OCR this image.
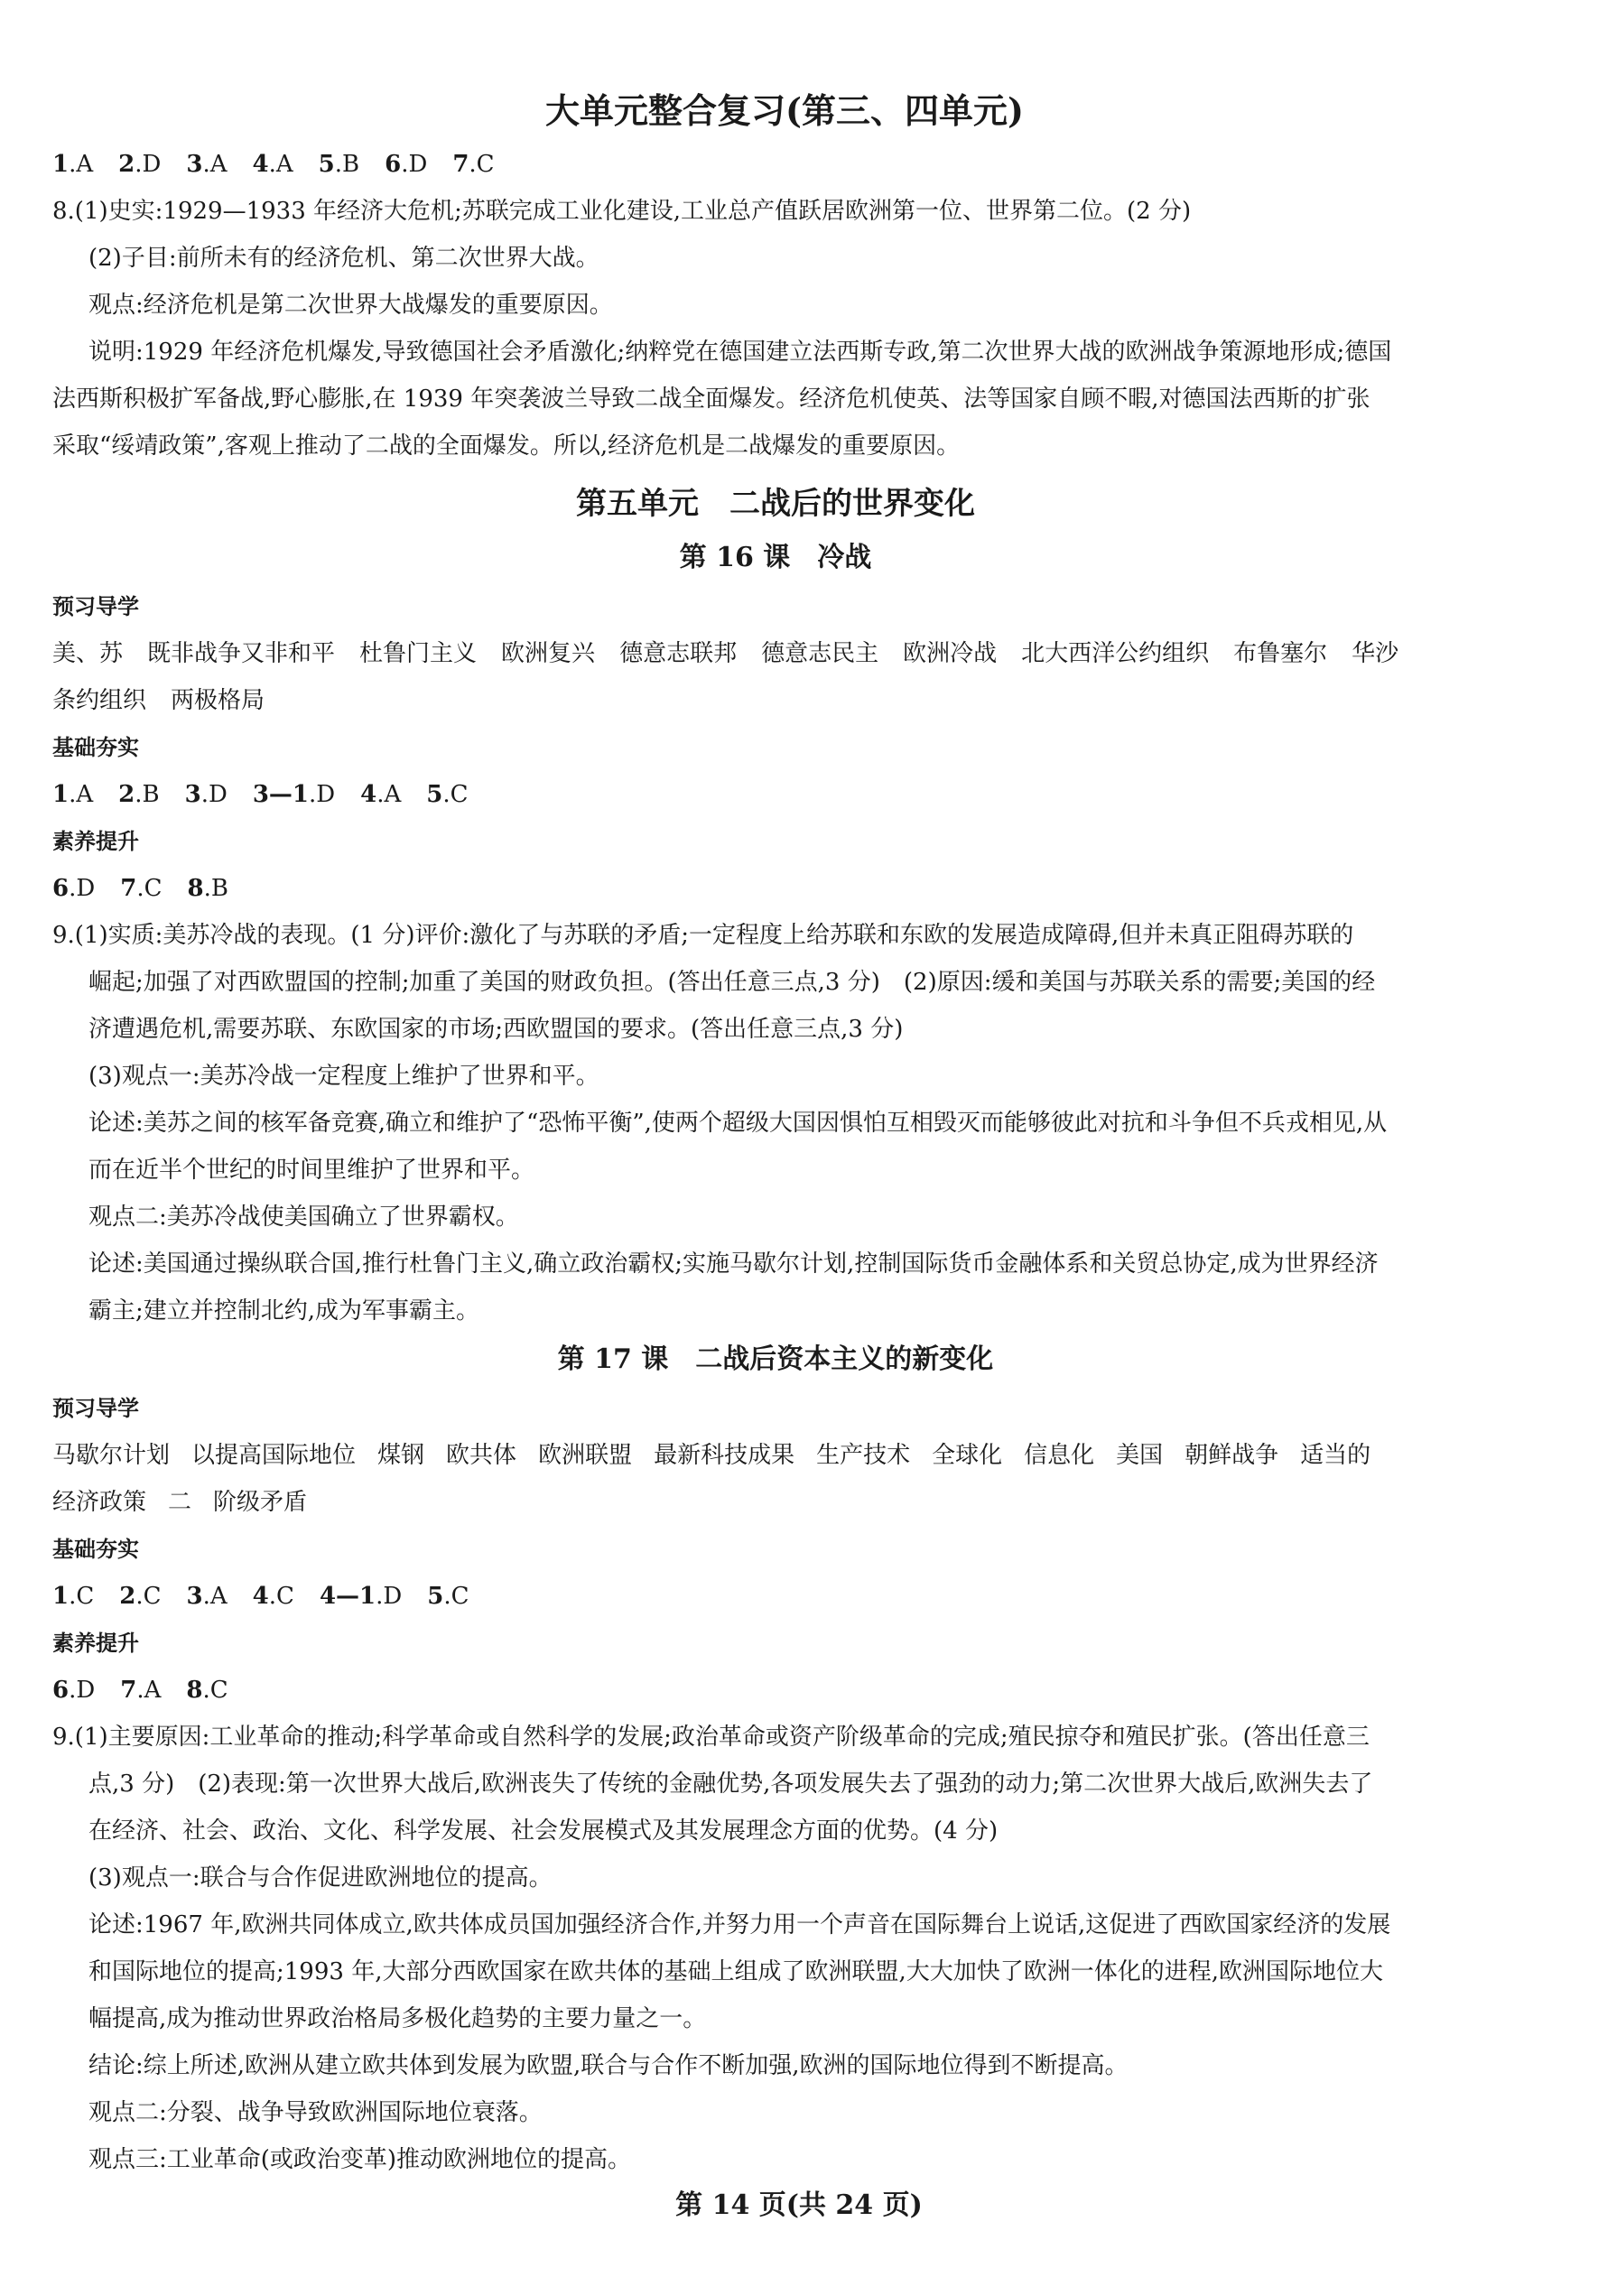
大单元整合复习(第三、四单元)
1.A 2.D 3.A 4.A 5.B 6.D 7.C
8.(1)史实:1929—1933 年经济大危机;苏联完成工业化建设,工业总产值跃居欧洲第一位、世界第二位。(2 分)
(2)子目:前所未有的经济危机、第二次世界大战。
观点:经济危机是第二次世界大战爆发的重要原因。
说明:1929 年经济危机爆发,导致德国社会矛盾激化;纳粹党在德国建立法西斯专政,第二次世界大战的欧洲战争策源地形成;德国
法西斯积极扩军备战,野心膨胀,在 1939 年突袭波兰导致二战全面爆发。经济危机使英、法等国家自顾不暇,对德国法西斯的扩张
采取“绥靖政策”,客观上推动了二战的全面爆发。所以,经济危机是二战爆发的重要原因。
第五单元　二战后的世界变化
第 16 课　冷战
预习导学
美、苏 既非战争又非和平 杜鲁门主义 欧洲复兴 德意志联邦 德意志民主 欧洲冷战 北大西洋公约组织 布鲁塞尔 华沙
条约组织 两极格局
基础夯实
1.A 2.B 3.D 3—1.D 4.A 5.C
素养提升
6.D 7.C 8.B
9.(1)实质:美苏冷战的表现。(1 分)评价:激化了与苏联的矛盾;一定程度上给苏联和东欧的发展造成障碍,但并未真正阻碍苏联的
崛起;加强了对西欧盟国的控制;加重了美国的财政负担。(答出任意三点,3 分)　(2)原因:缓和美国与苏联关系的需要;美国的经
济遭遇危机,需要苏联、东欧国家的市场;西欧盟国的要求。(答出任意三点,3 分)
(3)观点一:美苏冷战一定程度上维护了世界和平。
论述:美苏之间的核军备竞赛,确立和维护了“恐怖平衡”,使两个超级大国因惧怕互相毁灭而能够彼此对抗和斗争但不兵戎相见,从
而在近半个世纪的时间里维护了世界和平。
观点二:美苏冷战使美国确立了世界霸权。
论述:美国通过操纵联合国,推行杜鲁门主义,确立政治霸权;实施马歇尔计划,控制国际货币金融体系和关贸总协定,成为世界经济
霸主;建立并控制北约,成为军事霸主。
第 17 课　二战后资本主义的新变化
预习导学
马歇尔计划 以提高国际地位 煤钢 欧共体 欧洲联盟 最新科技成果 生产技术 全球化 信息化 美国 朝鲜战争 适当的
经济政策 二 阶级矛盾
基础夯实
1.C 2.C 3.A 4.C 4—1.D 5.C
素养提升
6.D 7.A 8.C
9.(1)主要原因:工业革命的推动;科学革命或自然科学的发展;政治革命或资产阶级革命的完成;殖民掠夺和殖民扩张。(答出任意三
点,3 分)　(2)表现:第一次世界大战后,欧洲丧失了传统的金融优势,各项发展失去了强劲的动力;第二次世界大战后,欧洲失去了
在经济、社会、政治、文化、科学发展、社会发展模式及其发展理念方面的优势。(4 分)
(3)观点一:联合与合作促进欧洲地位的提高。
论述:1967 年,欧洲共同体成立,欧共体成员国加强经济合作,并努力用一个声音在国际舞台上说话,这促进了西欧国家经济的发展
和国际地位的提高;1993 年,大部分西欧国家在欧共体的基础上组成了欧洲联盟,大大加快了欧洲一体化的进程,欧洲国际地位大
幅提高,成为推动世界政治格局多极化趋势的主要力量之一。
结论:综上所述,欧洲从建立欧共体到发展为欧盟,联合与合作不断加强,欧洲的国际地位得到不断提高。
观点二:分裂、战争导致欧洲国际地位衰落。
观点三:工业革命(或政治变革)推动欧洲地位的提高。
第 14 页(共 24 页)
